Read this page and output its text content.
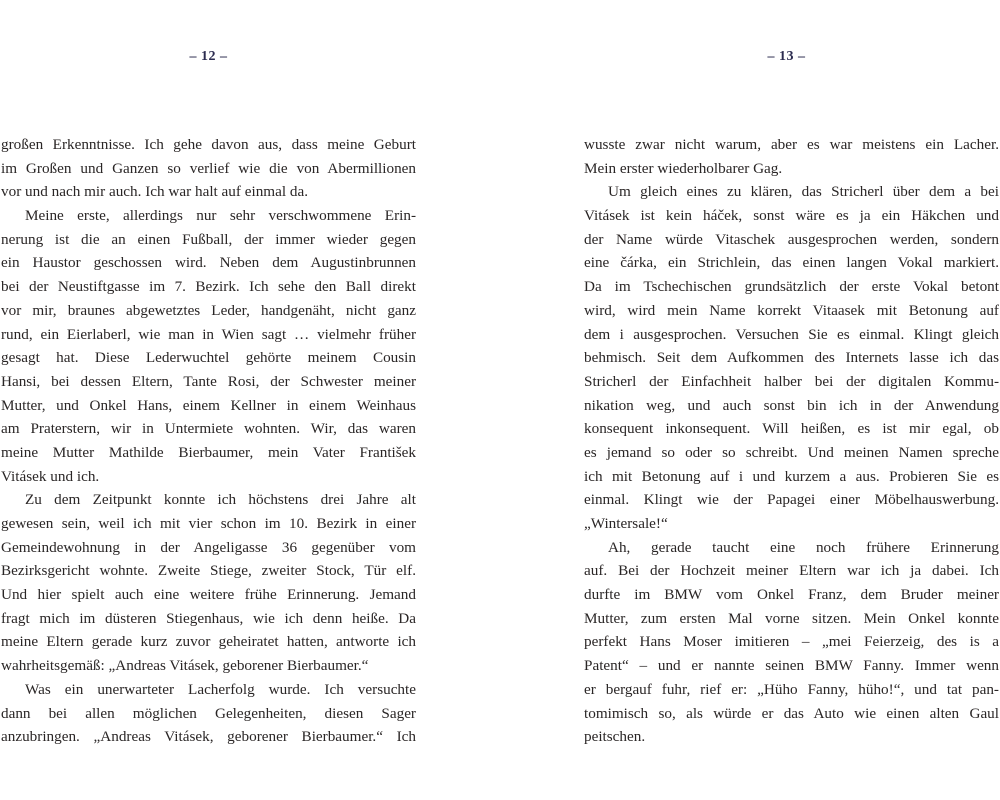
– 12 –
großen Erkenntnisse. Ich gehe davon aus, dass meine Geburt
im Großen und Ganzen so verlief wie die von Abermillionen
vor und nach mir auch. Ich war halt auf einmal da.
Meine erste, allerdings nur sehr verschwommene Erin-
nerung ist die an einen Fußball, der immer wieder gegen
ein Haustor geschossen wird. Neben dem Augustinbrunnen
bei der Neustiftgasse im 7. Bezirk. Ich sehe den Ball direkt
vor mir, braunes abgewetztes Leder, handgenäht, nicht ganz
rund, ein Eierlaberl, wie man in Wien sagt … vielmehr früher
gesagt hat. Diese Lederwuchtel gehörte meinem Cousin
Hansi, bei dessen Eltern, Tante Rosi, der Schwester meiner
Mutter, und Onkel Hans, einem Kellner in einem Weinhaus
am Praterstern, wir in Untermiete wohnten. Wir, das waren
meine Mutter Mathilde Bierbaumer, mein Vater František
Vitásek und ich.
Zu dem Zeitpunkt konnte ich höchstens drei Jahre alt
gewesen sein, weil ich mit vier schon im 10. Bezirk in einer
Gemeindewohnung in der Angeligasse 36 gegenüber vom
Bezirksgericht wohnte. Zweite Stiege, zweiter Stock, Tür elf.
Und hier spielt auch eine weitere frühe Erinnerung. Jemand
fragt mich im düsteren Stiegenhaus, wie ich denn heiße. Da
meine Eltern gerade kurz zuvor geheiratet hatten, antworte ich
wahrheitsgemäß: „Andreas Vitásek, geborener Bierbaumer.“
Was ein unerwarteter Lacherfolg wurde. Ich versuchte
dann bei allen möglichen Gelegenheiten, diesen Sager
anzubringen. „Andreas Vitásek, geborener Bierbaumer.“ Ich
– 13 –
wusste zwar nicht warum, aber es war meistens ein Lacher.
Mein erster wiederholbarer Gag.
Um gleich eines zu klären, das Stricherl über dem a bei
Vitásek ist kein háček, sonst wäre es ja ein Häkchen und
der Name würde Vitaschek ausgesprochen werden, sondern
eine čárka, ein Strichlein, das einen langen Vokal markiert.
Da im Tschechischen grundsätzlich der erste Vokal betont
wird, wird mein Name korrekt Vitaasek mit Betonung auf
dem i ausgesprochen. Versuchen Sie es einmal. Klingt gleich
behmisch. Seit dem Aufkommen des Internets lasse ich das
Stricherl der Einfachheit halber bei der digitalen Kommu-
nikation weg, und auch sonst bin ich in der Anwendung
konsequent inkonsequent. Will heißen, es ist mir egal, ob
es jemand so oder so schreibt. Und meinen Namen spreche
ich mit Betonung auf i und kurzem a aus. Probieren Sie es
einmal. Klingt wie der Papagei einer Möbelhauswerbung.
„Wintersale!“
Ah, gerade taucht eine noch frühere Erinnerung
auf. Bei der Hochzeit meiner Eltern war ich ja dabei. Ich
durfte im BMW vom Onkel Franz, dem Bruder meiner
Mutter, zum ersten Mal vorne sitzen. Mein Onkel konnte
perfekt Hans Moser imitieren – „mei Feierzeig, des is a
Patent“ – und er nannte seinen BMW Fanny. Immer wenn
er bergauf fuhr, rief er: „Hüho Fanny, hüho!“, und tat pan-
tomimisch so, als würde er das Auto wie einen alten Gaul
peitschen.
